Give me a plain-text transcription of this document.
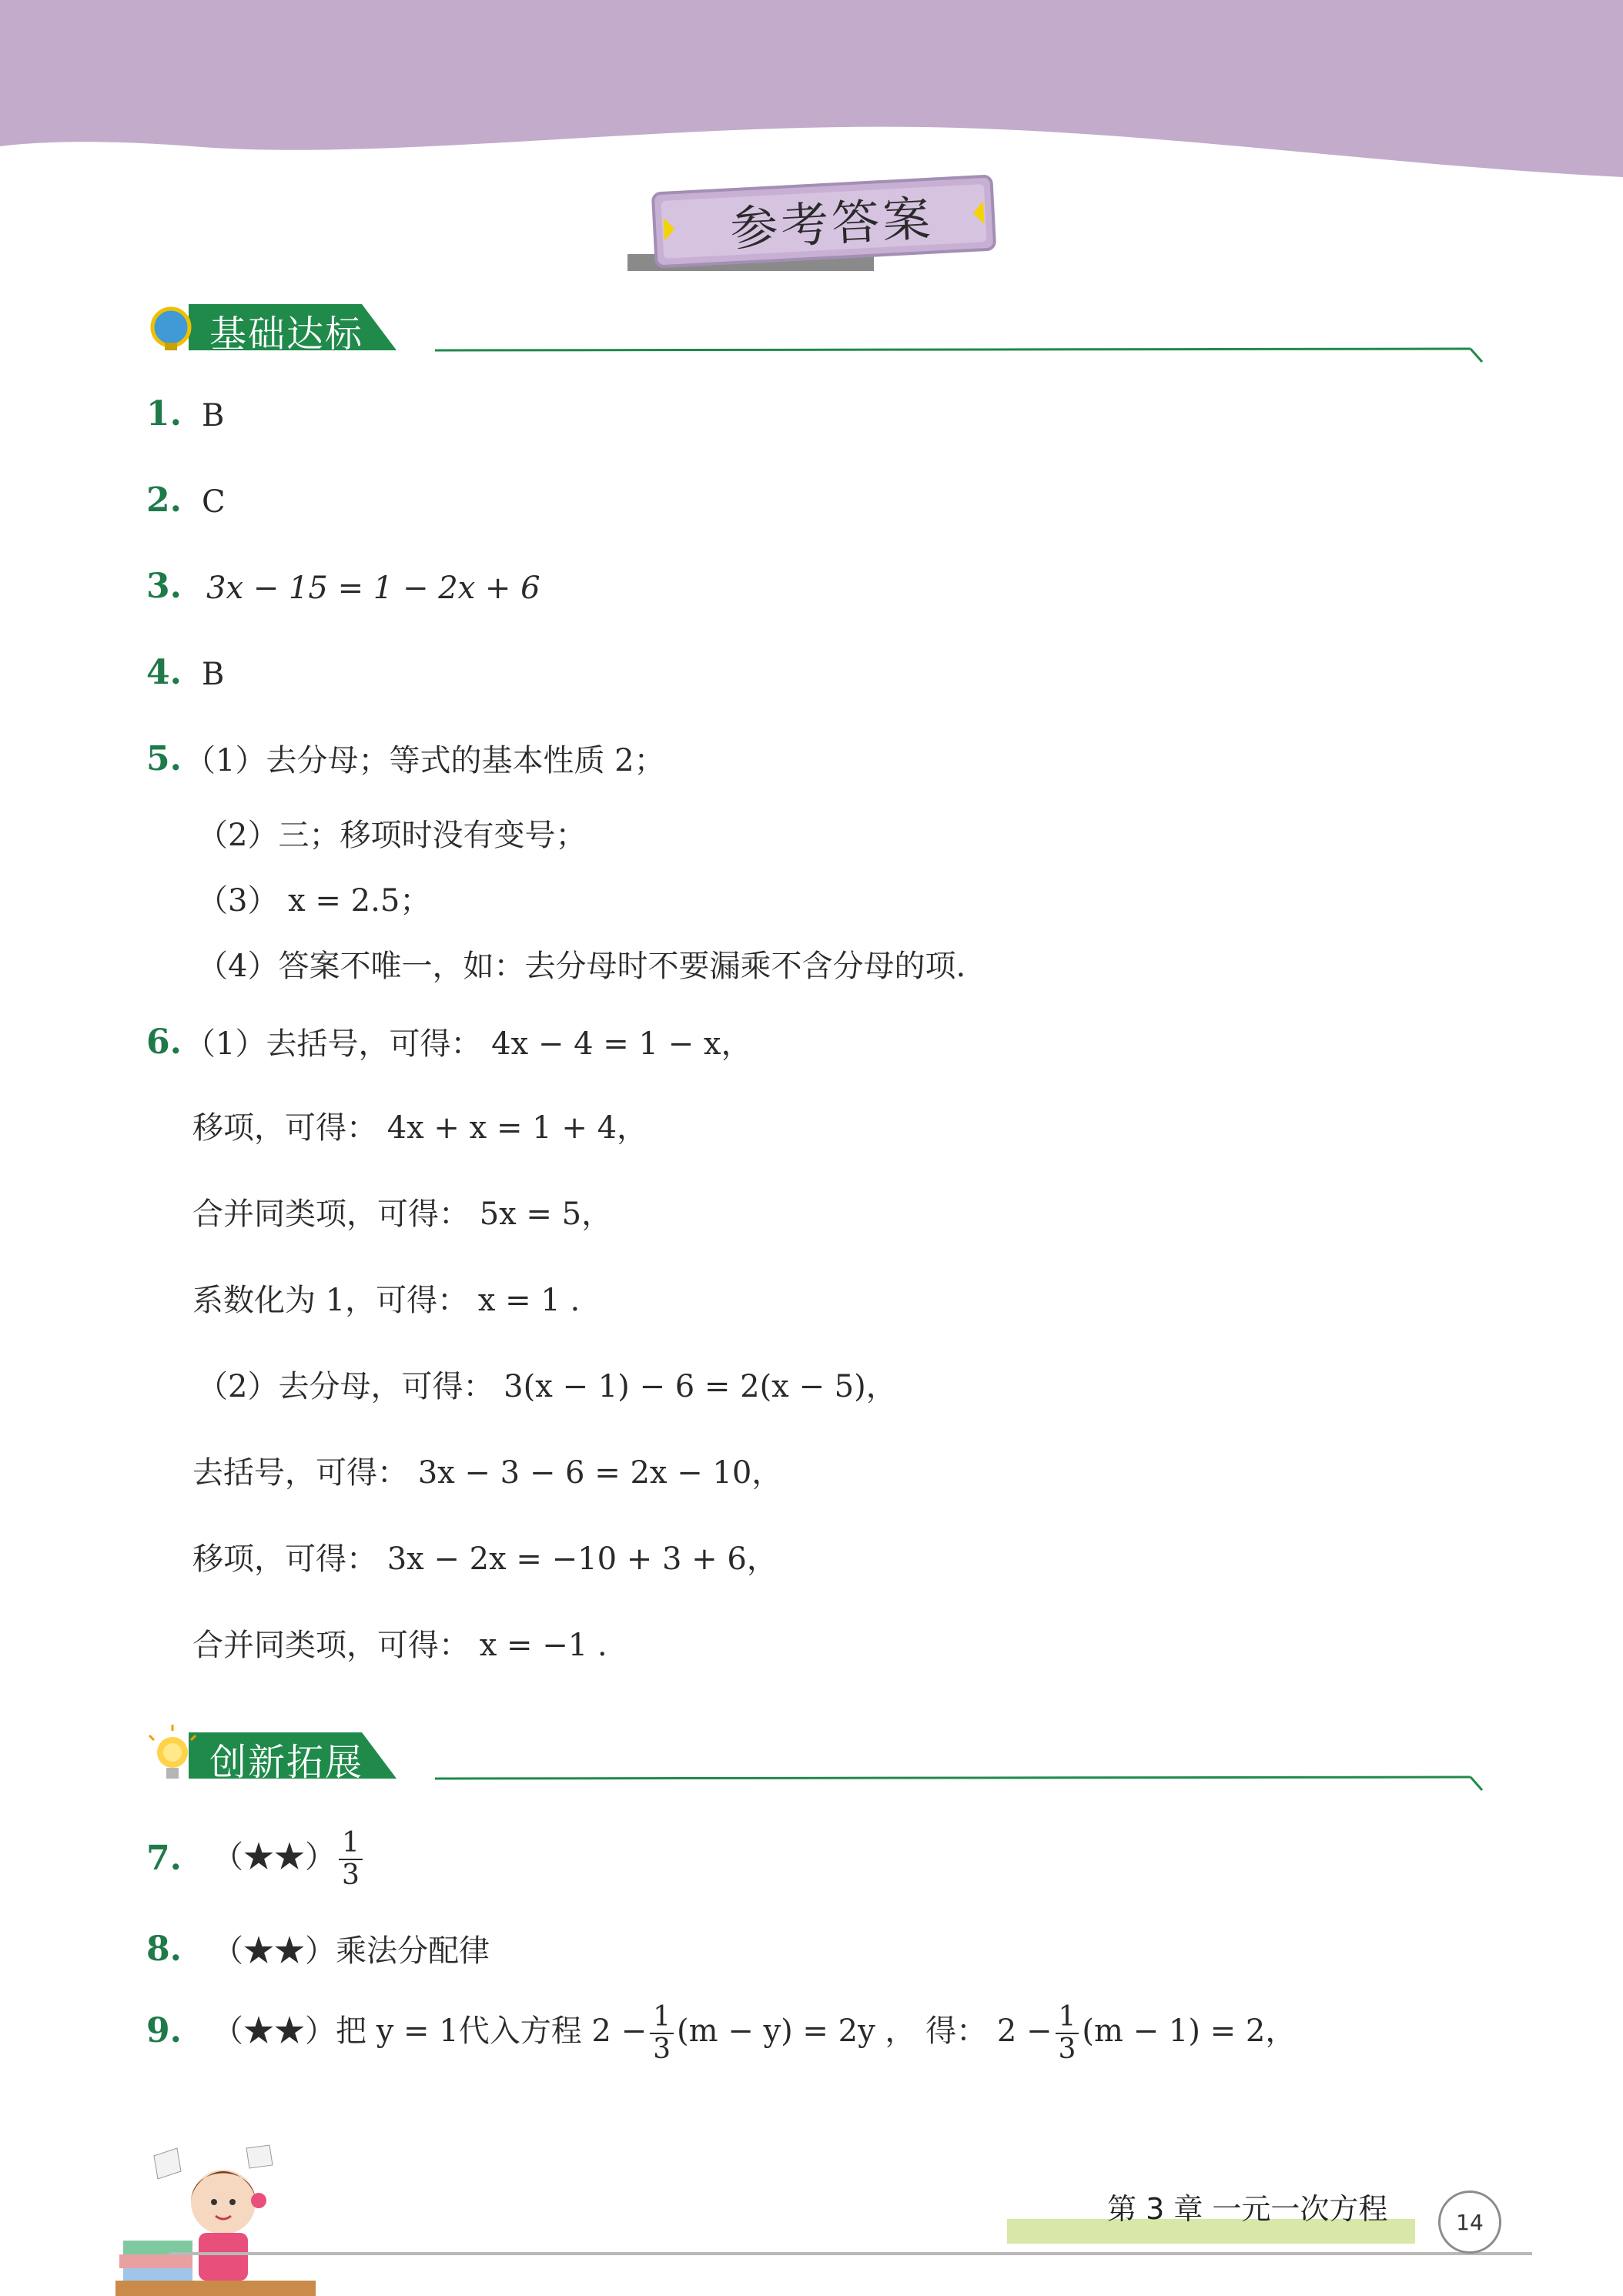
参考答案
基础达标
1. B
2. C
3. 3x − 15 = 1 − 2x + 6
4. B
5. （1）去分母；等式的基本性质 2；
（2）三；移项时没有变号；
（3） x = 2.5；
（4）答案不唯一，如：去分母时不要漏乘不含分母的项.
6. （1）去括号，可得： 4x − 4 = 1 − x，
移项，可得： 4x + x = 1 + 4，
合并同类项，可得： 5x = 5，
系数化为 1，可得： x = 1 .
（2）去分母，可得： 3(x − 1) − 6 = 2(x − 5)，
去括号，可得： 3x − 3 − 6 = 2x − 10，
移项，可得： 3x − 2x = −10 + 3 + 6，
合并同类项，可得： x = −1 .
创新拓展
7. （★★） $\frac{1}{3}$
8. （★★）乘法分配律
9. （★★）把 y = 1代入方程 $2 - \frac{1}{3} (m - y) = 2y$ ， 得： $2 - \frac{1}{3} (m - 1) = 2$，
第 3 章 一元一次方程	14
